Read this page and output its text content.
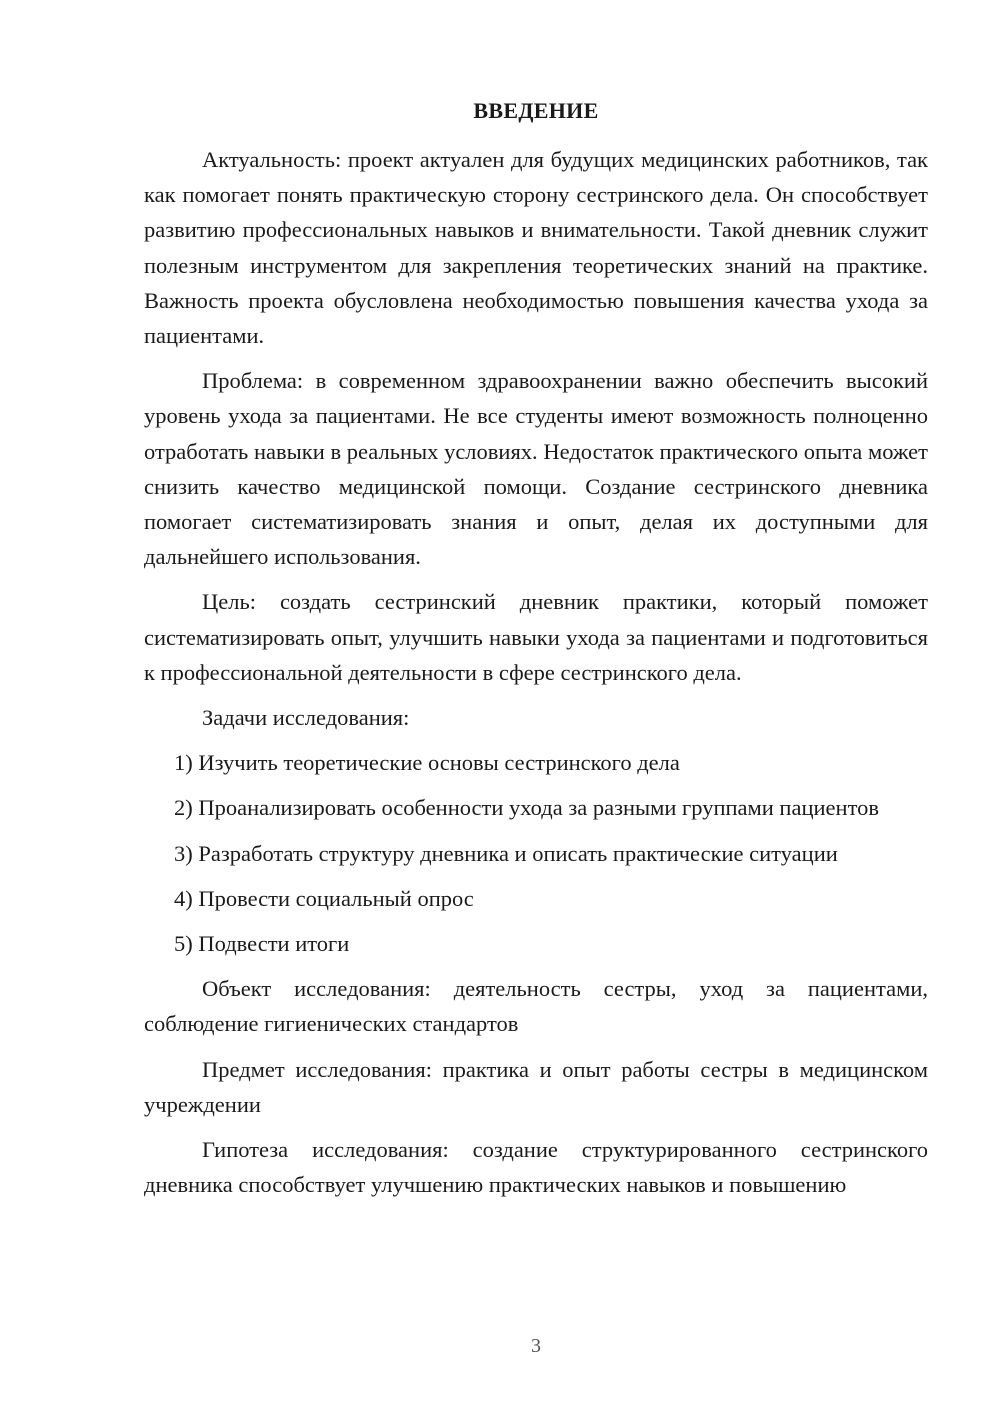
ВВЕДЕНИЕ

Актуальность: проект актуален для будущих медицинских работников, так как помогает понять практическую сторону сестринского дела. Он способствует развитию профессиональных навыков и внимательности. Такой дневник служит полезным инструментом для закрепления теоретических знаний на практике. Важность проекта обусловлена необходимостью повышения качества ухода за пациентами.

Проблема: в современном здравоохранении важно обеспечить высокий уровень ухода за пациентами. Не все студенты имеют возможность полноценно отработать навыки в реальных условиях. Недостаток практического опыта может снизить качество медицинской помощи. Создание сестринского дневника помогает систематизировать знания и опыт, делая их доступными для дальнейшего использования.

Цель: создать сестринский дневник практики, который поможет систематизировать опыт, улучшить навыки ухода за пациентами и подготовиться к профессиональной деятельности в сфере сестринского дела.

Задачи исследования:

1) Изучить теоретические основы сестринского дела

2) Проанализировать особенности ухода за разными группами пациентов

3) Разработать структуру дневника и описать практические ситуации

4) Провести социальный опрос

5) Подвести итоги

Объект исследования: деятельность сестры, уход за пациентами, соблюдение гигиенических стандартов

Предмет исследования: практика и опыт работы сестры в медицинском учреждении

Гипотеза исследования: создание структурированного сестринского дневника способствует улучшению практических навыков и повышению

3
